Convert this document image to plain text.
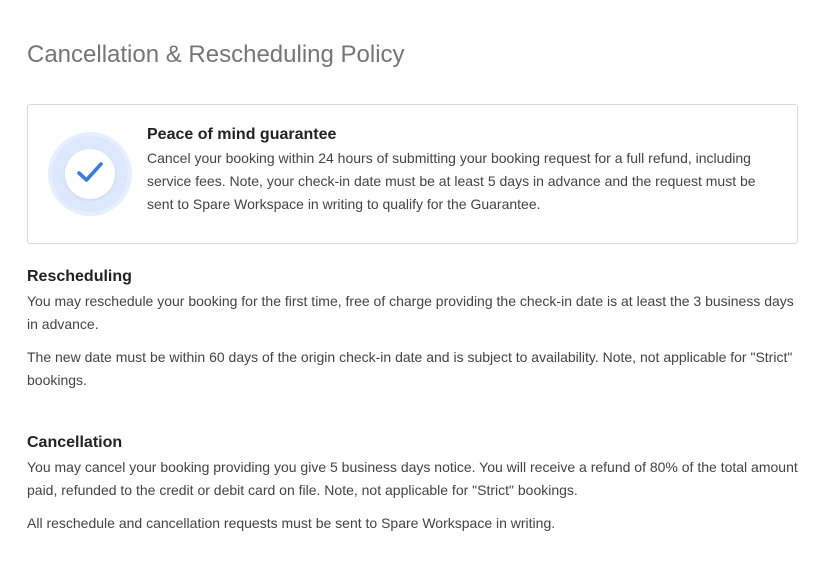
Cancellation & Rescheduling Policy
Peace of mind guarantee

Cancel your booking within 24 hours of submitting your booking request for a full refund, including service fees. Note, your check-in date must be at least 5 days in advance and the request must be sent to Spare Workspace in writing to qualify for the Guarantee.

Rescheduling

You may reschedule your booking for the first time, free of charge providing the check-in date is at least the 3 business days in advance.

The new date must be within 60 days of the origin check-in date and is subject to availability. Note, not applicable for "Strict" bookings.

Cancellation

You may cancel your booking providing you give 5 business days notice. You will receive a refund of 80% of the total amount paid, refunded to the credit or debit card on file. Note, not applicable for "Strict" bookings.

All reschedule and cancellation requests must be sent to Spare Workspace in writing.
